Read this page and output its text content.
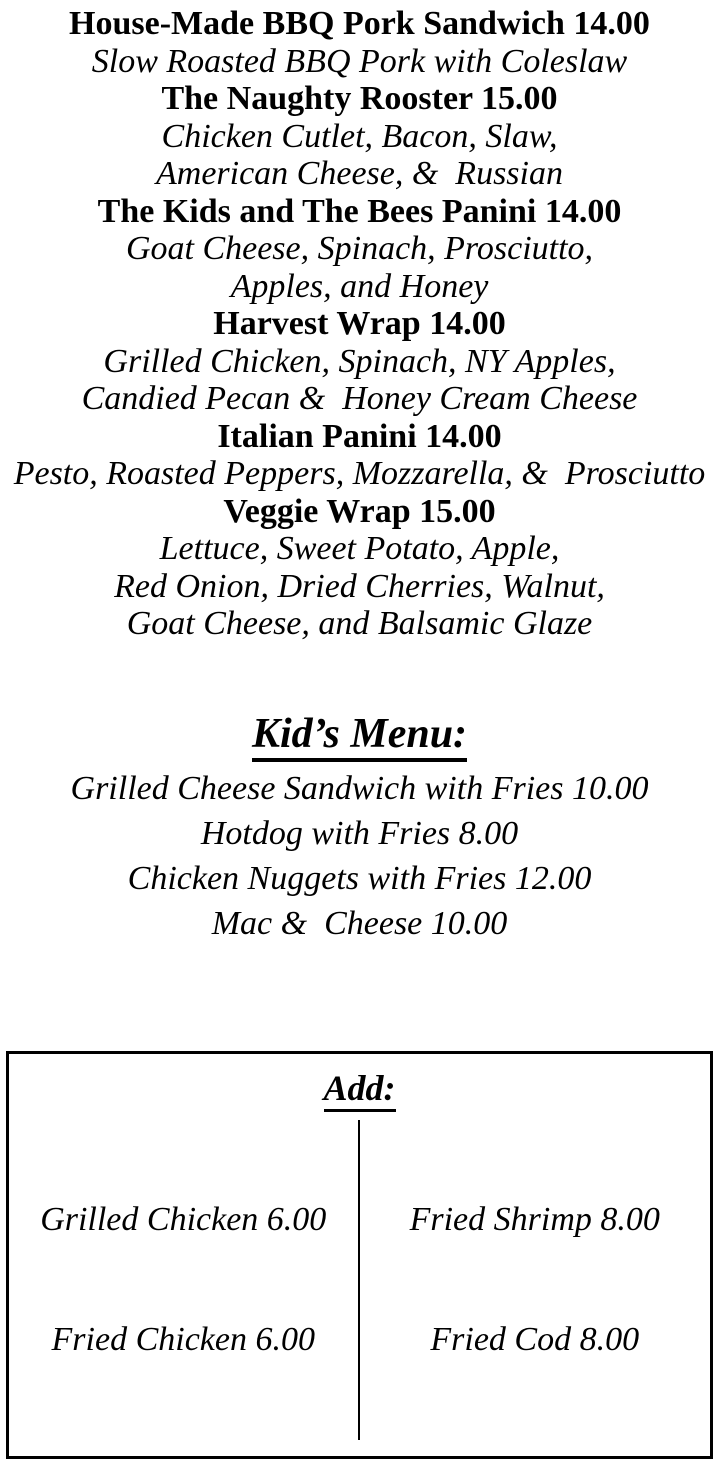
House-Made BBQ Pork Sandwich 14.00
Slow Roasted BBQ Pork with Coleslaw
The Naughty Rooster 15.00
Chicken Cutlet, Bacon, Slaw,
American Cheese, &  Russian
The Kids and The Bees Panini 14.00
Goat Cheese, Spinach, Prosciutto,
Apples, and Honey
Harvest Wrap 14.00
Grilled Chicken, Spinach, NY Apples,
Candied Pecan &  Honey Cream Cheese
Italian Panini 14.00
Pesto, Roasted Peppers, Mozzarella, &  Prosciutto
Veggie Wrap 15.00
Lettuce, Sweet Potato, Apple,
Red Onion, Dried Cherries, Walnut,
Goat Cheese, and Balsamic Glaze
Kid’s Menu:
Grilled Cheese Sandwich with Fries 10.00
Hotdog with Fries 8.00
Chicken Nuggets with Fries 12.00
Mac &  Cheese 10.00
Add:

Grilled Chicken 6.00

Fried Chicken 6.00

Fried Shrimp 8.00

Fried Cod 8.00
